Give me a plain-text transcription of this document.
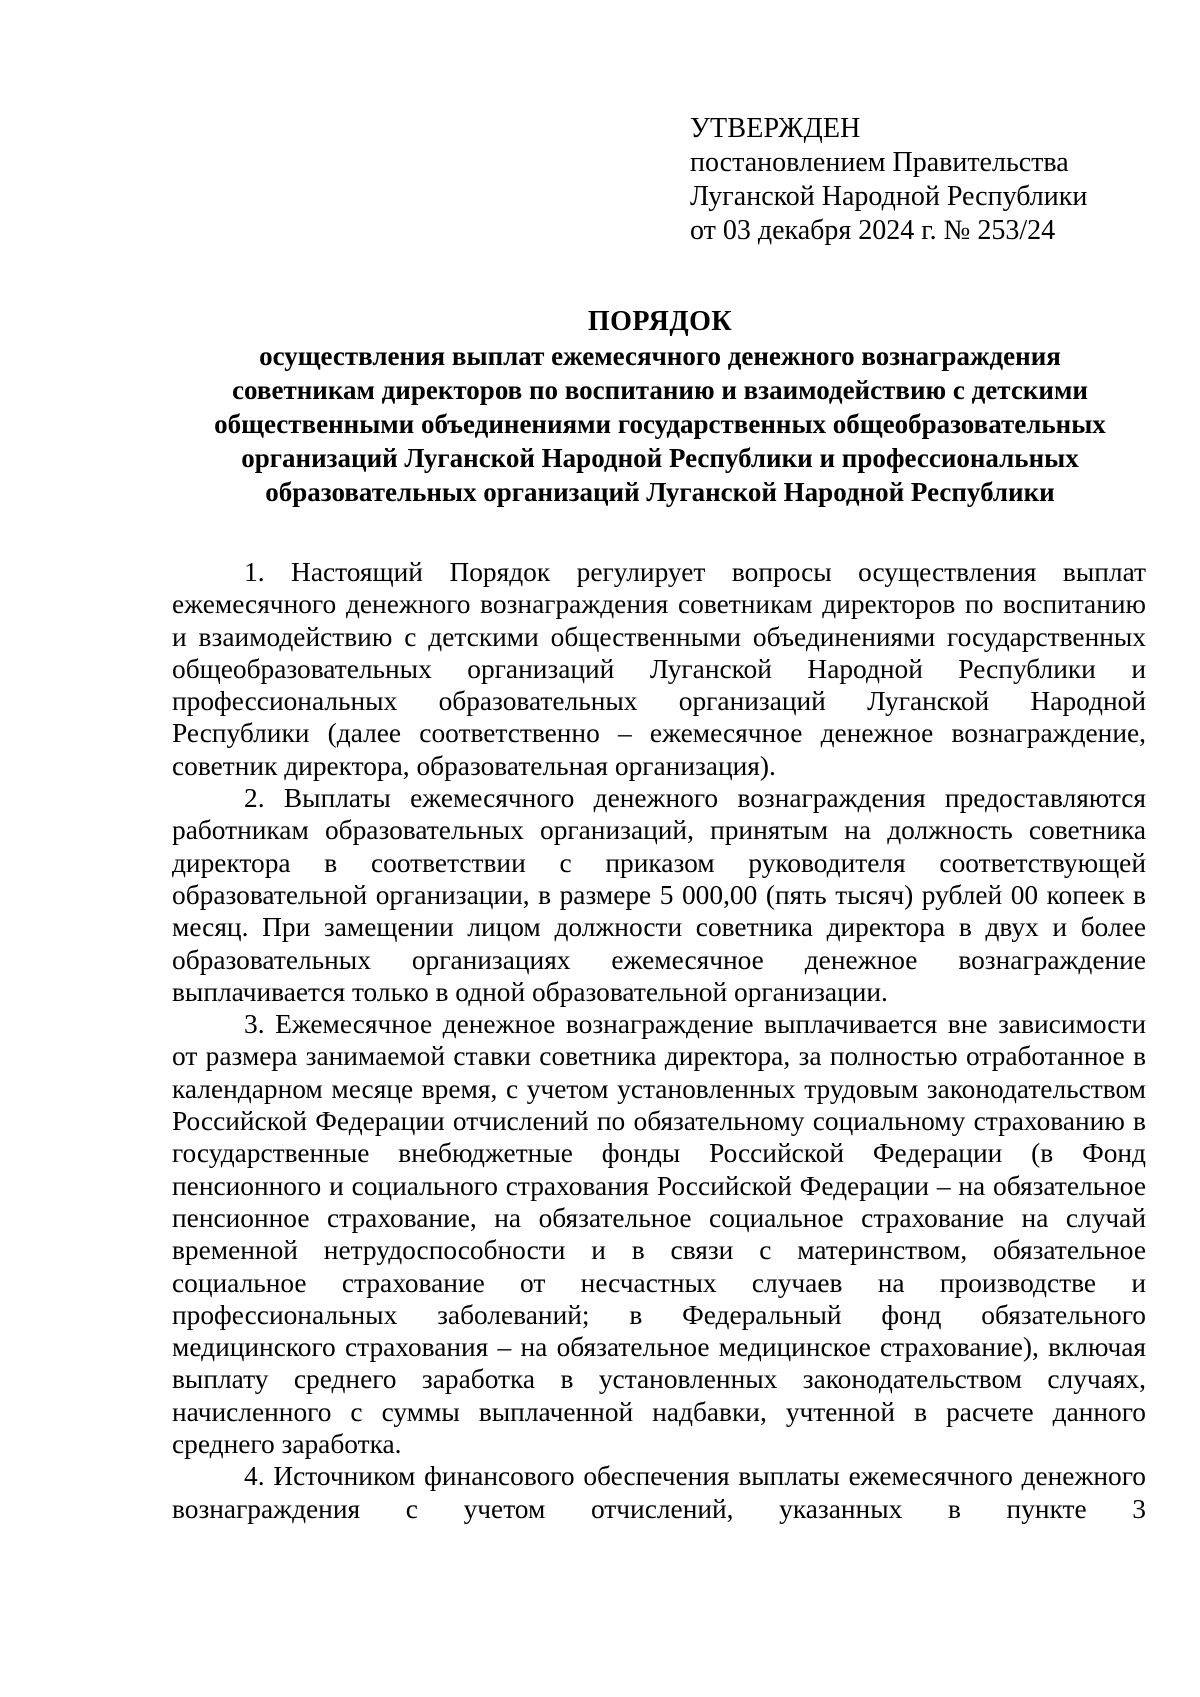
УТВЕРЖДЕН
постановлением Правительства
Луганской Народной Республики
от 03 декабря 2024 г. № 253/24
ПОРЯДОК
осуществления выплат ежемесячного денежного вознаграждения
советникам директоров по воспитанию и взаимодействию с детскими
общественными объединениями государственных общеобразовательных
организаций Луганской Народной Республики и профессиональных
образовательных организаций Луганской Народной Республики

1. Настоящий Порядок регулирует вопросы осуществления выплат ежемесячного денежного вознаграждения советникам директоров по воспитанию и взаимодействию с детскими общественными объединениями государственных общеобразовательных организаций Луганской Народной Республики и профессиональных образовательных организаций Луганской Народной Республики (далее соответственно – ежемесячное денежное вознаграждение, советник директора, образовательная организация).

2. Выплаты ежемесячного денежного вознаграждения предоставляются работникам образовательных организаций, принятым на должность советника директора в соответствии с приказом руководителя соответствующей образовательной организации, в размере 5 000,00 (пять тысяч) рублей 00 копеек в месяц. При замещении лицом должности советника директора в двух и более образовательных организациях ежемесячное денежное вознаграждение выплачивается только в одной образовательной организации.

3. Ежемесячное денежное вознаграждение выплачивается вне зависимости от размера занимаемой ставки советника директора, за полностью отработанное в календарном месяце время, с учетом установленных трудовым законодательством Российской Федерации отчислений по обязательному социальному страхованию в государственные внебюджетные фонды Российской Федерации (в Фонд пенсионного и социального страхования Российской Федерации – на обязательное пенсионное страхование, на обязательное социальное страхование на случай временной нетрудоспособности и в связи с материнством, обязательное социальное страхование от несчастных случаев на производстве и профессиональных заболеваний; в Федеральный фонд обязательного медицинского страхования – на обязательное медицинское страхование), включая выплату среднего заработка в установленных законодательством случаях, начисленного с суммы выплаченной надбавки, учтенной в расчете данного среднего заработка.

4. Источником финансового обеспечения выплаты ежемесячного денежного вознаграждения с учетом отчислений, указанных в пункте 3
